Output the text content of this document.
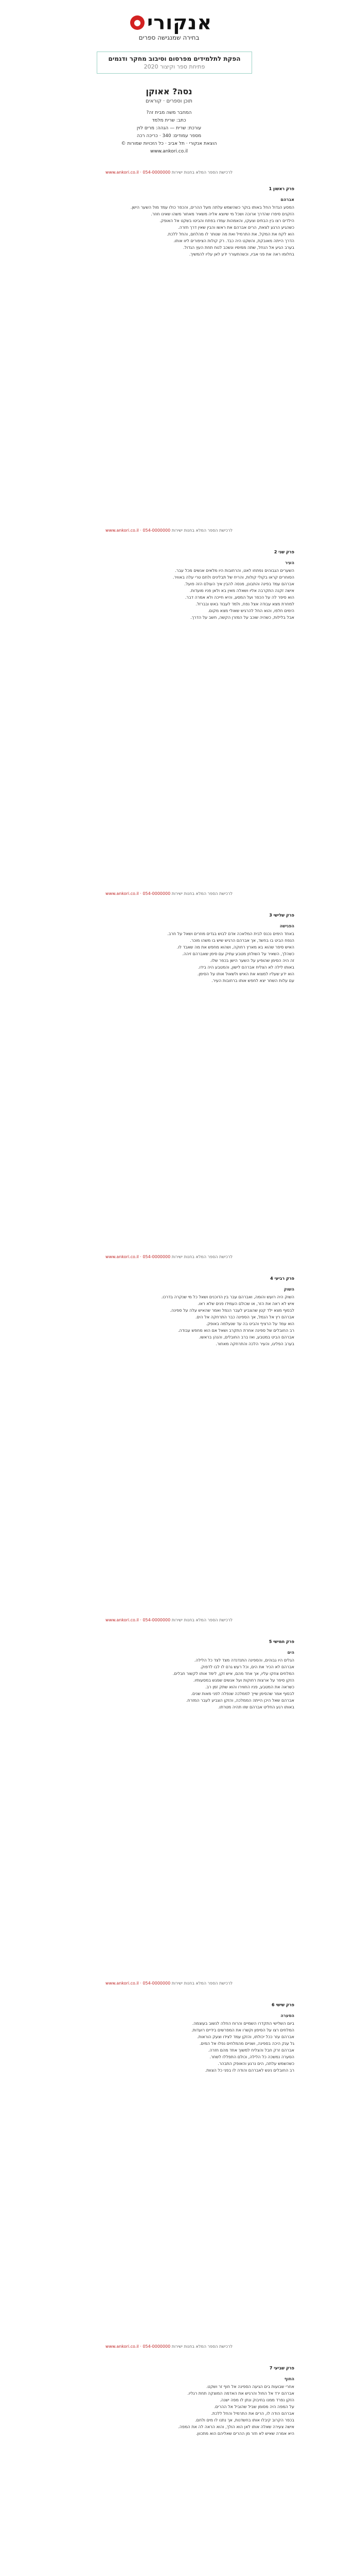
אנקורי ●
בחירה שמנגישה ספרים
הפקת לתלמידים מפרסום וסיבוב מחקר ודגמים
פתיחת ספר וקיצור 2020
נסה? אאוקן
תוכן וספרים · קוראים
המחבר משה מבית זה?
כתב: שרית מלמד
עורכת: שרית — הגהה: מרים לוין
מספר עמודים: 340 · כריכה רכה
הוצאת אנקורי · תל אביב · כל הזכויות שמורות ©
www.ankori.co.il
לרכישת הספר המלא בחנות ישירות www.ankori.co.il · 054-0000000
פרק ראשון 1

אברהם

המסע הגדול החל באותו בוקר כשהשמש עלתה מעל ההרים, והכפר כולו עמד מול השער הישן.

הזקנים סיפרו שהדרך ארוכה ושכל מי שיוצא אליה משאיר מאחור משהו שאינו חוזר.

הילדים רצו בין הבתים וצעקו, והאמהות עמדו בפתח והביטו בשקט אל האופק.

כשהגיע הרגע לצאת, הרים אברהם את ראשו והבין שאין דרך חזרה.

הוא לקח את המקל, את התרמיל ואת מה שנותר לו מהלחם, והחל ללכת.

הדרך הייתה מאובקת, והשקט היה כבד. רק קולות הציפורים ליוו אותו.

בערב הגיע אל הנחל, שתה ממימיו ונשכב לנוח תחת העץ הגדול.

בחלומו ראה את פני אביו, וכשהתעורר ידע לאן עליו להמשיך.

לרכישת הספר המלא בחנות ישירות www.ankori.co.il · 054-0000000
פרק שני 2

העיר

השערים הגבוהים נפתחו לאט, והרחובות היו מלאים אנשים מכל עבר.

הסוחרים קראו בקולי קולות, והריח של תבלינים ולחם טרי עלה באוויר.

אברהם עמד בפינה והתבונן, מנסה להבין איך העולם הזה פועל.

אישה זקנה התקרבה אליו ושאלה מאין בא ולאן פניו מועדות.

הוא סיפר לה על הכפר ועל המסע, והיא חייכה ולא אמרה דבר.

למחרת מצא עבודה אצל נפח, ולמד לעבוד באש ובברזל.

הימים חלפו, והוא החל להרגיש שאולי מצא מקום.

אבל בלילות, כשהיה שוכב על המזרן הקשה, חשב על הדרך.

לרכישת הספר המלא בחנות ישירות www.ankori.co.il · 054-0000000
פרק שלישי 3

הפגישה

באחד הימים נכנס לבית המלאכה אדם לבוש בגדים מוזרים ושאל על חרב.

הנפח הביט בו בחשד, אך אברהם הרגיש שיש בו משהו מוכר.

האיש סיפר שהוא בא מארץ רחוקה, ושהוא מחפש את מה שאבד לו.

כשהלך, השאיר על השולחן מטבע עתיק עם סימן שאברהם זיהה.

זה היה הסימן שהופיע על השער הישן בכפר שלו.

באותו לילה לא הצליח אברהם לישון, והמטבע היה בידו.

הוא ידע שעליו למצוא את האיש ולשאול אותו על הסימן.

עם עלות השחר יצא לחפש אותו ברחובות העיר.

לרכישת הספר המלא בחנות ישירות www.ankori.co.il · 054-0000000
פרק רביעי 4

השוק

השוק היה רועש והומה, ואברהם עבר בין הדוכנים ושאל כל מי שנקרה בדרכו.

איש לא ראה את הזר, או שכולם העמידו פנים שלא ראו.

לבסוף מצא ילד קטן שהצביע לעבר הנמל ואמר שהאיש עלה על ספינה.

אברהם רץ אל הנמל, אך הספינה כבר התרחקה אל הים.

הוא עמד על הרציף והביט בה עד שנעלמה באופק.

רב החובלים של ספינה אחרת התקרב ושאל אם הוא מחפש עבודה.

אברהם הביט במטבע, ואז ברב החובלים, והנהן בראשו.

בערב הפליגו, והעיר הלכה והתרחקה מאחור.

לרכישת הספר המלא בחנות ישירות www.ankori.co.il · 054-0000000
פרק חמישי 5

הים

הגלים היו גבוהים, והספינה התנדנדה מצד לצד כל הלילה.

אברהם לא הכיר את הים, וכל רעש גרם לו לבו לדפוק.

המלחים צחקו עליו, אך אחד מהם, איש זקן, לימד אותו לקשור חבלים.

הזקן סיפר על ארצות רחוקות ועל אנשים שפגש במסעותיו.

כשראה את המטבע, פניו החווירו והוא שתק זמן רב.

לבסוף אמר שהסימן שייך לממלכה שנפלה לפני מאות שנים.

אברהם שאל היכן הייתה הממלכה, והזקן הצביע לעבר המזרח.

באותו רגע החליט אברהם שזו תהיה מטרתו.

לרכישת הספר המלא בחנות ישירות www.ankori.co.il · 054-0000000
פרק שישי 6

הסערה

ביום השלישי התקדרו השמיים והרוח החלה לנשוב בעוצמה.

המלחים רצו על הסיפון וקשרו את המפרשים בידיים רועדות.

אברהם עזר ככל יכולתו, והזקן עמד לצידו וצעק הוראות.

גל ענק היכה בספינה, ושניים מהמלחים נפלו אל המים.

אברהם זרק חבל והצליח למשוך אחד מהם חזרה.

הסערה נמשכה כל הלילה, וכולם התפללו לשחר.

כשהשמש עלתה, הים נרגע והאופק התבהר.

רב החובלים ניגש לאברהם והודה לו בפני כל הצוות.

לרכישת הספר המלא בחנות ישירות www.ankori.co.il · 054-0000000
פרק שביעי 7

החוף

אחרי שבועות בים הגיעה הספינה אל חוף זר ושקט.

אברהם ירד אל החול והרגיש את האדמה המוצקה תחת רגליו.

הזקן נפרד ממנו בחיבוק ונתן לו מפה ישנה.

על המפה היה מסומן שביל שהוביל אל ההרים.

אברהם הודה לו, הרים את התרמיל והחל ללכת.

בכפר הקרוב קיבלו אותו בחשדנות, אך נתנו לו מים ולחם.

אישה צעירה שאלה אותו לאן הוא הולך, והוא הראה לה את המפה.

היא אמרה שאיש לא חזר מן ההרים שאליהם הוא מתכוון.
